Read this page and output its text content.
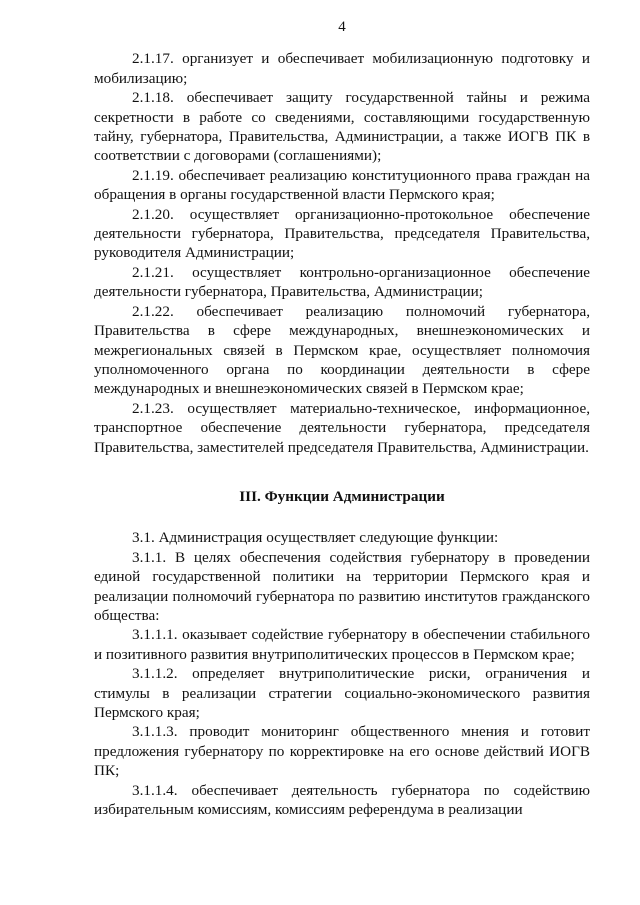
4

2.1.17. организует и обеспечивает мобилизационную подготовку и мобилизацию;

2.1.18. обеспечивает защиту государственной тайны и режима секретности в работе со сведениями, составляющими государственную тайну, губернатора, Правительства, Администрации, а также ИОГВ ПК в соответствии с договорами (соглашениями);

2.1.19. обеспечивает реализацию конституционного права граждан на обращения в органы государственной власти Пермского края;

2.1.20. осуществляет организационно-протокольное обеспечение деятельности губернатора, Правительства, председателя Правительства, руководителя Администрации;

2.1.21. осуществляет контрольно-организационное обеспечение деятельности губернатора, Правительства, Администрации;

2.1.22. обеспечивает реализацию полномочий губернатора, Правительства в сфере международных, внешнеэкономических и межрегиональных связей в Пермском крае, осуществляет полномочия уполномоченного органа по координации деятельности в сфере международных и внешнеэкономических связей в Пермском крае;

2.1.23. осуществляет материально-техническое, информационное, транспортное обеспечение деятельности губернатора, председателя Правительства, заместителей председателя Правительства, Администрации.

III. Функции Администрации

3.1. Администрация осуществляет следующие функции:

3.1.1. В целях обеспечения содействия губернатору в проведении единой государственной политики на территории Пермского края и реализации полномочий губернатора по развитию институтов гражданского общества:

3.1.1.1. оказывает содействие губернатору в обеспечении стабильного и позитивного развития внутриполитических процессов в Пермском крае;

3.1.1.2. определяет внутриполитические риски, ограничения и стимулы в реализации стратегии социально-экономического развития Пермского края;

3.1.1.3. проводит мониторинг общественного мнения и готовит предложения губернатору по корректировке на его основе действий ИОГВ ПК;

3.1.1.4. обеспечивает деятельность губернатора по содействию избирательным комиссиям, комиссиям референдума в реализации
